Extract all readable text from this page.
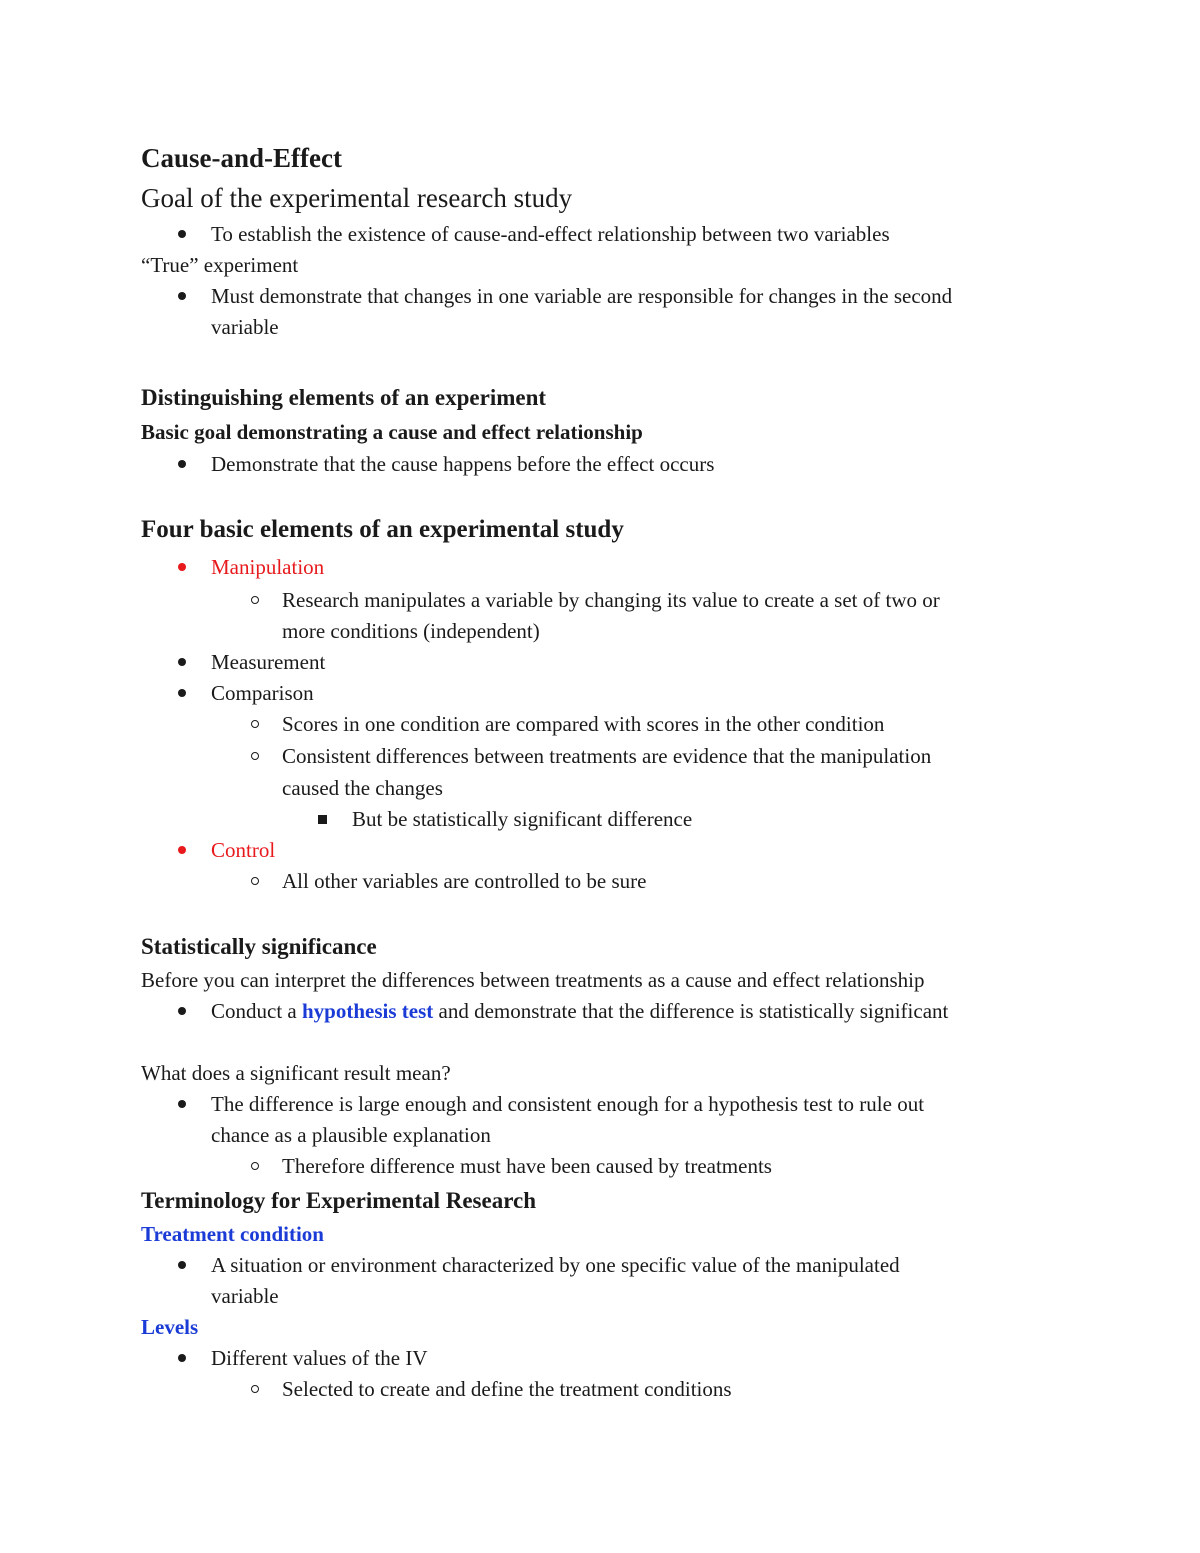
Cause-and-Effect
Goal of the experimental research study
To establish the existence of cause-and-effect relationship between two variables
“True” experiment
Must demonstrate that changes in one variable are responsible for changes in the second
variable
Distinguishing elements of an experiment
Basic goal demonstrating a cause and effect relationship
Demonstrate that the cause happens before the effect occurs
Four basic elements of an experimental study
Manipulation
Research manipulates a variable by changing its value to create a set of two or
more conditions (independent)
Measurement
Comparison
Scores in one condition are compared with scores in the other condition
Consistent differences between treatments are evidence that the manipulation
caused the changes
But be statistically significant difference
Control
All other variables are controlled to be sure
Statistically significance
Before you can interpret the differences between treatments as a cause and effect relationship
Conduct a hypothesis test and demonstrate that the difference is statistically significant
What does a significant result mean?
The difference is large enough and consistent enough for a hypothesis test to rule out
chance as a plausible explanation
Therefore difference must have been caused by treatments
Terminology for Experimental Research
Treatment condition
A situation or environment characterized by one specific value of the manipulated
variable
Levels
Different values of the IV
Selected to create and define the treatment conditions
